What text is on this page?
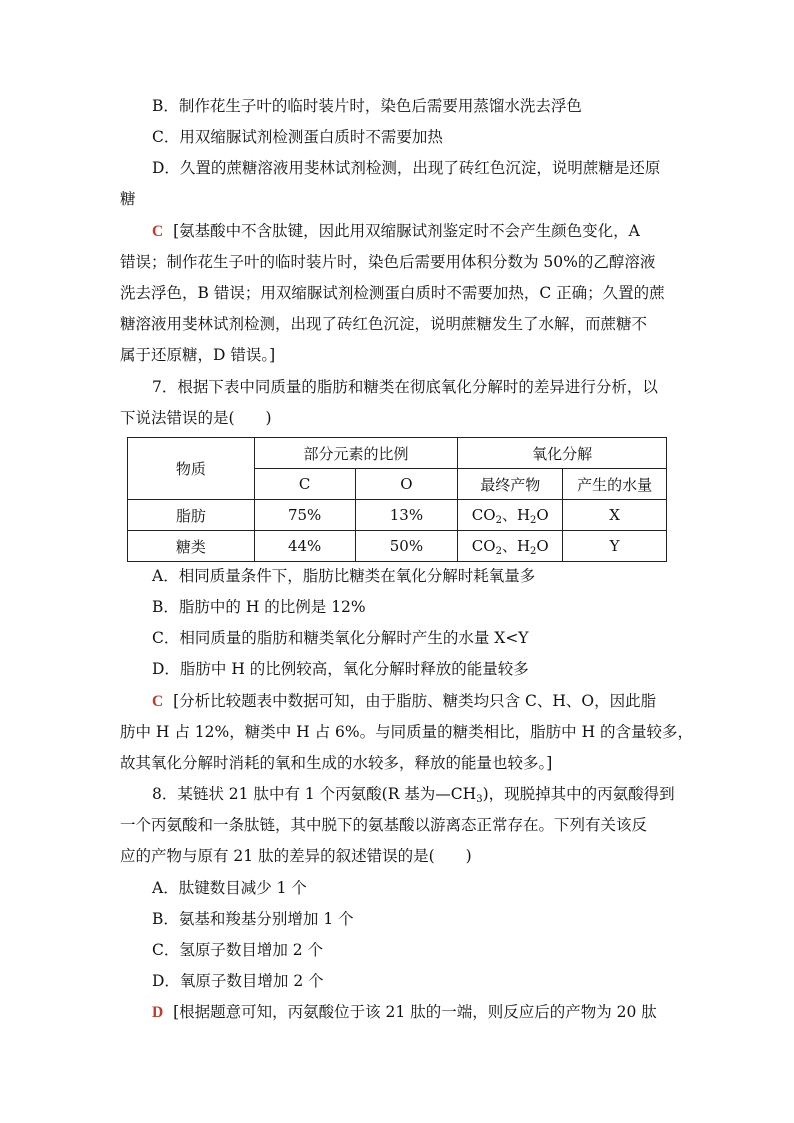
B．制作花生子叶的临时装片时，染色后需要用蒸馏水洗去浮色
C．用双缩脲试剂检测蛋白质时不需要加热
D．久置的蔗糖溶液用斐林试剂检测，出现了砖红色沉淀，说明蔗糖是还原
糖
C [氨基酸中不含肽键，因此用双缩脲试剂鉴定时不会产生颜色变化，A
错误；制作花生子叶的临时装片时，染色后需要用体积分数为 50%的乙醇溶液
洗去浮色，B 错误；用双缩脲试剂检测蛋白质时不需要加热，C 正确；久置的蔗
糖溶液用斐林试剂检测，出现了砖红色沉淀，说明蔗糖发生了水解，而蔗糖不
属于还原糖，D 错误。]
7．根据下表中同质量的脂肪和糖类在彻底氧化分解时的差异进行分析，以
下说法错误的是(　　)
物质	部分元素的比例		氧化分解	
	C	O	最终产物	产生的水量
脂肪	75%	13%	$CO_2$、$H_2O$	X
糖类	44%	50%	$CO_2$、$H_2O$	Y
A．相同质量条件下，脂肪比糖类在氧化分解时耗氧量多
B．脂肪中的 H 的比例是 12%
C．相同质量的脂肪和糖类氧化分解时产生的水量 X<Y
D．脂肪中 H 的比例较高，氧化分解时释放的能量较多
C [分析比较题表中数据可知，由于脂肪、糖类均只含 C、H、O，因此脂
肪中 H 占 12%，糖类中 H 占 6%。与同质量的糖类相比，脂肪中 H 的含量较多，
故其氧化分解时消耗的氧和生成的水较多，释放的能量也较多。]
8．某链状 21 肽中有 1 个丙氨酸(R 基为$—CH_3$)，现脱掉其中的丙氨酸得到
一个丙氨酸和一条肽链，其中脱下的氨基酸以游离态正常存在。下列有关该反
应的产物与原有 21 肽的差异的叙述错误的是(　　)
A．肽键数目减少 1 个
B．氨基和羧基分别增加 1 个
C．氢原子数目增加 2 个
D．氧原子数目增加 2 个
D [根据题意可知，丙氨酸位于该 21 肽的一端，则反应后的产物为 20 肽
